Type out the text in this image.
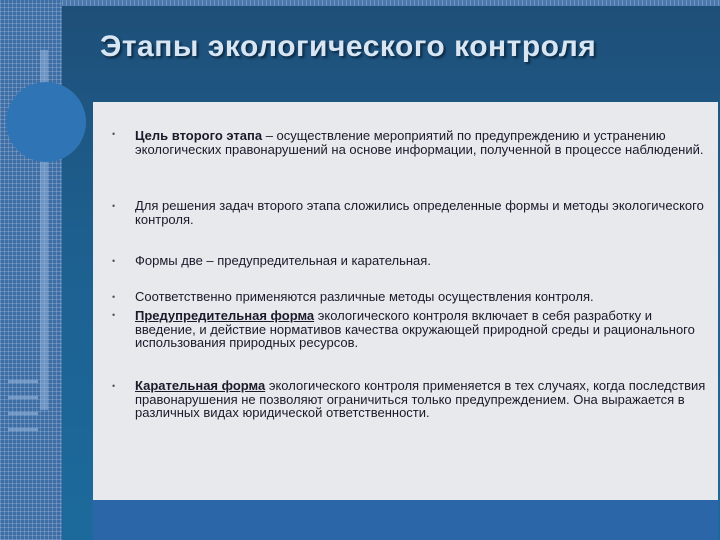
Этапы экологического контроля
•
•
•
•
•
•
Цель второго этапа – осуществление мероприятий по предупреждению и устранению экологических правонарушений на основе информации, полученной в процессе наблюдений.
Для решения задач второго этапа сложились определенные формы и методы экологического контроля.
Формы две – предупредительная и карательная.
Соответственно применяются различные методы осуществления контроля.
Предупредительная форма экологического контроля включает в себя разработку и введение, и действие нормативов качества окружающей природной среды и рационального использования природных ресурсов.
Карательная форма экологического контроля применяется в тех случаях, когда последствия правонарушения не позволяют ограничиться только предупреждением. Она выражается в различных видах юридической ответственности.
